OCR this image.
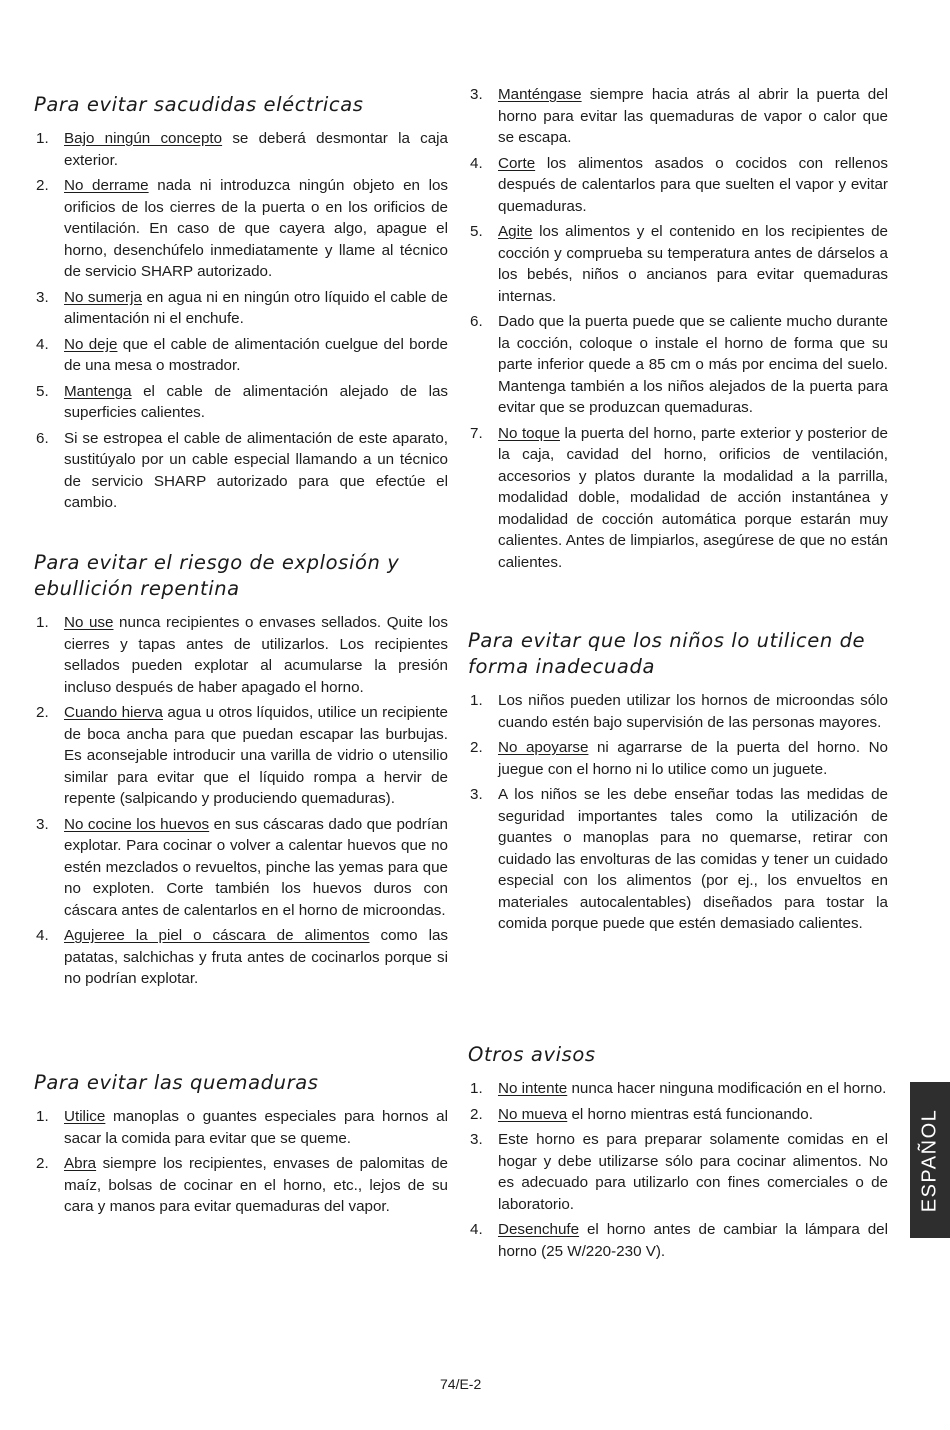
Para evitar sacudidas eléctricas
1. Bajo ningún concepto se deberá desmontar la caja exterior.
2. No derrame nada ni introduzca ningún objeto en los orificios de los cierres de la puerta o en los orificios de ventilación. En caso de que cayera algo, apague el horno, desenchúfelo inmediatamente y llame al técnico de servicio SHARP autorizado.
3. No sumerja en agua ni en ningún otro líquido el cable de alimentación ni el enchufe.
4. No deje que el cable de alimentación cuelgue del borde de una mesa o mostrador.
5. Mantenga el cable de alimentación alejado de las superficies calientes.
6. Si se estropea el cable de alimentación de este aparato, sustitúyalo por un cable especial llamando a un técnico de servicio SHARP autorizado para que efectúe el cambio.
Para evitar el riesgo de explosión y ebullición repentina
1. No use nunca recipientes o envases sellados. Quite los cierres y tapas antes de utilizarlos. Los recipientes sellados pueden explotar al acumularse la presión incluso después de haber apagado el horno.
2. Cuando hierva agua u otros líquidos, utilice un recipiente de boca ancha para que puedan escapar las burbujas. Es aconsejable introducir una varilla de vidrio o utensilio similar para evitar que el líquido rompa a hervir de repente (salpicando y produciendo quemaduras).
3. No cocine los huevos en sus cáscaras dado que podrían explotar. Para cocinar o volver a calentar huevos que no estén mezclados o revueltos, pinche las yemas para que no exploten. Corte también los huevos duros con cáscara antes de calentarlos en el horno de microondas.
4. Agujeree la piel o cáscara de alimentos como las patatas, salchichas y fruta antes de cocinarlos porque si no podrían explotar.
Para evitar las quemaduras
1. Utilice manoplas o guantes especiales para hornos al sacar la comida para evitar que se queme.
2. Abra siempre los recipientes, envases de palomitas de maíz, bolsas de cocinar en el horno, etc., lejos de su cara y manos para evitar quemaduras del vapor.
3. Manténgase siempre hacia atrás al abrir la puerta del horno para evitar las quemaduras de vapor o calor que se escapa.
4. Corte los alimentos asados o cocidos con rellenos después de calentarlos para que suelten el vapor y evitar quemaduras.
5. Agite los alimentos y el contenido en los recipientes de cocción y comprueba su temperatura antes de dárselos a los bebés, niños o ancianos para evitar quemaduras internas.
6. Dado que la puerta puede que se caliente mucho durante la cocción, coloque o instale el horno de forma que su parte inferior quede a 85 cm o más por encima del suelo. Mantenga también a los niños alejados de la puerta para evitar que se produzcan quemaduras.
7. No toque la puerta del horno, parte exterior y posterior de la caja, cavidad del horno, orificios de ventilación, accesorios y platos durante la modalidad a la parrilla, modalidad doble, modalidad de acción instantánea y modalidad de cocción automática porque estarán muy calientes. Antes de limpiarlos, asegúrese de que no están calientes.
Para evitar que los niños lo utilicen de forma inadecuada
1. Los niños pueden utilizar los hornos de microondas sólo cuando estén bajo supervisión de las personas mayores.
2. No apoyarse ni agarrarse de la puerta del horno. No juegue con el horno ni lo utilice como un juguete.
3. A los niños se les debe enseñar todas las medidas de seguridad importantes tales como la utilización de guantes o manoplas para no quemarse, retirar con cuidado las envolturas de las comidas y tener un cuidado especial con los alimentos (por ej., los envueltos en materiales autocalentables) diseñados para tostar la comida porque puede que estén demasiado calientes.
Otros avisos
1. No intente nunca hacer ninguna modificación en el horno.
2. No mueva el horno mientras está funcionando.
3. Este horno es para preparar solamente comidas en el hogar y debe utilizarse sólo para cocinar alimentos. No es adecuado para utilizarlo con fines comerciales o de laboratorio.
4. Desenchufe el horno antes de cambiar la lámpara del horno (25 W/220-230 V).
ESPAÑOL
74/E-2
